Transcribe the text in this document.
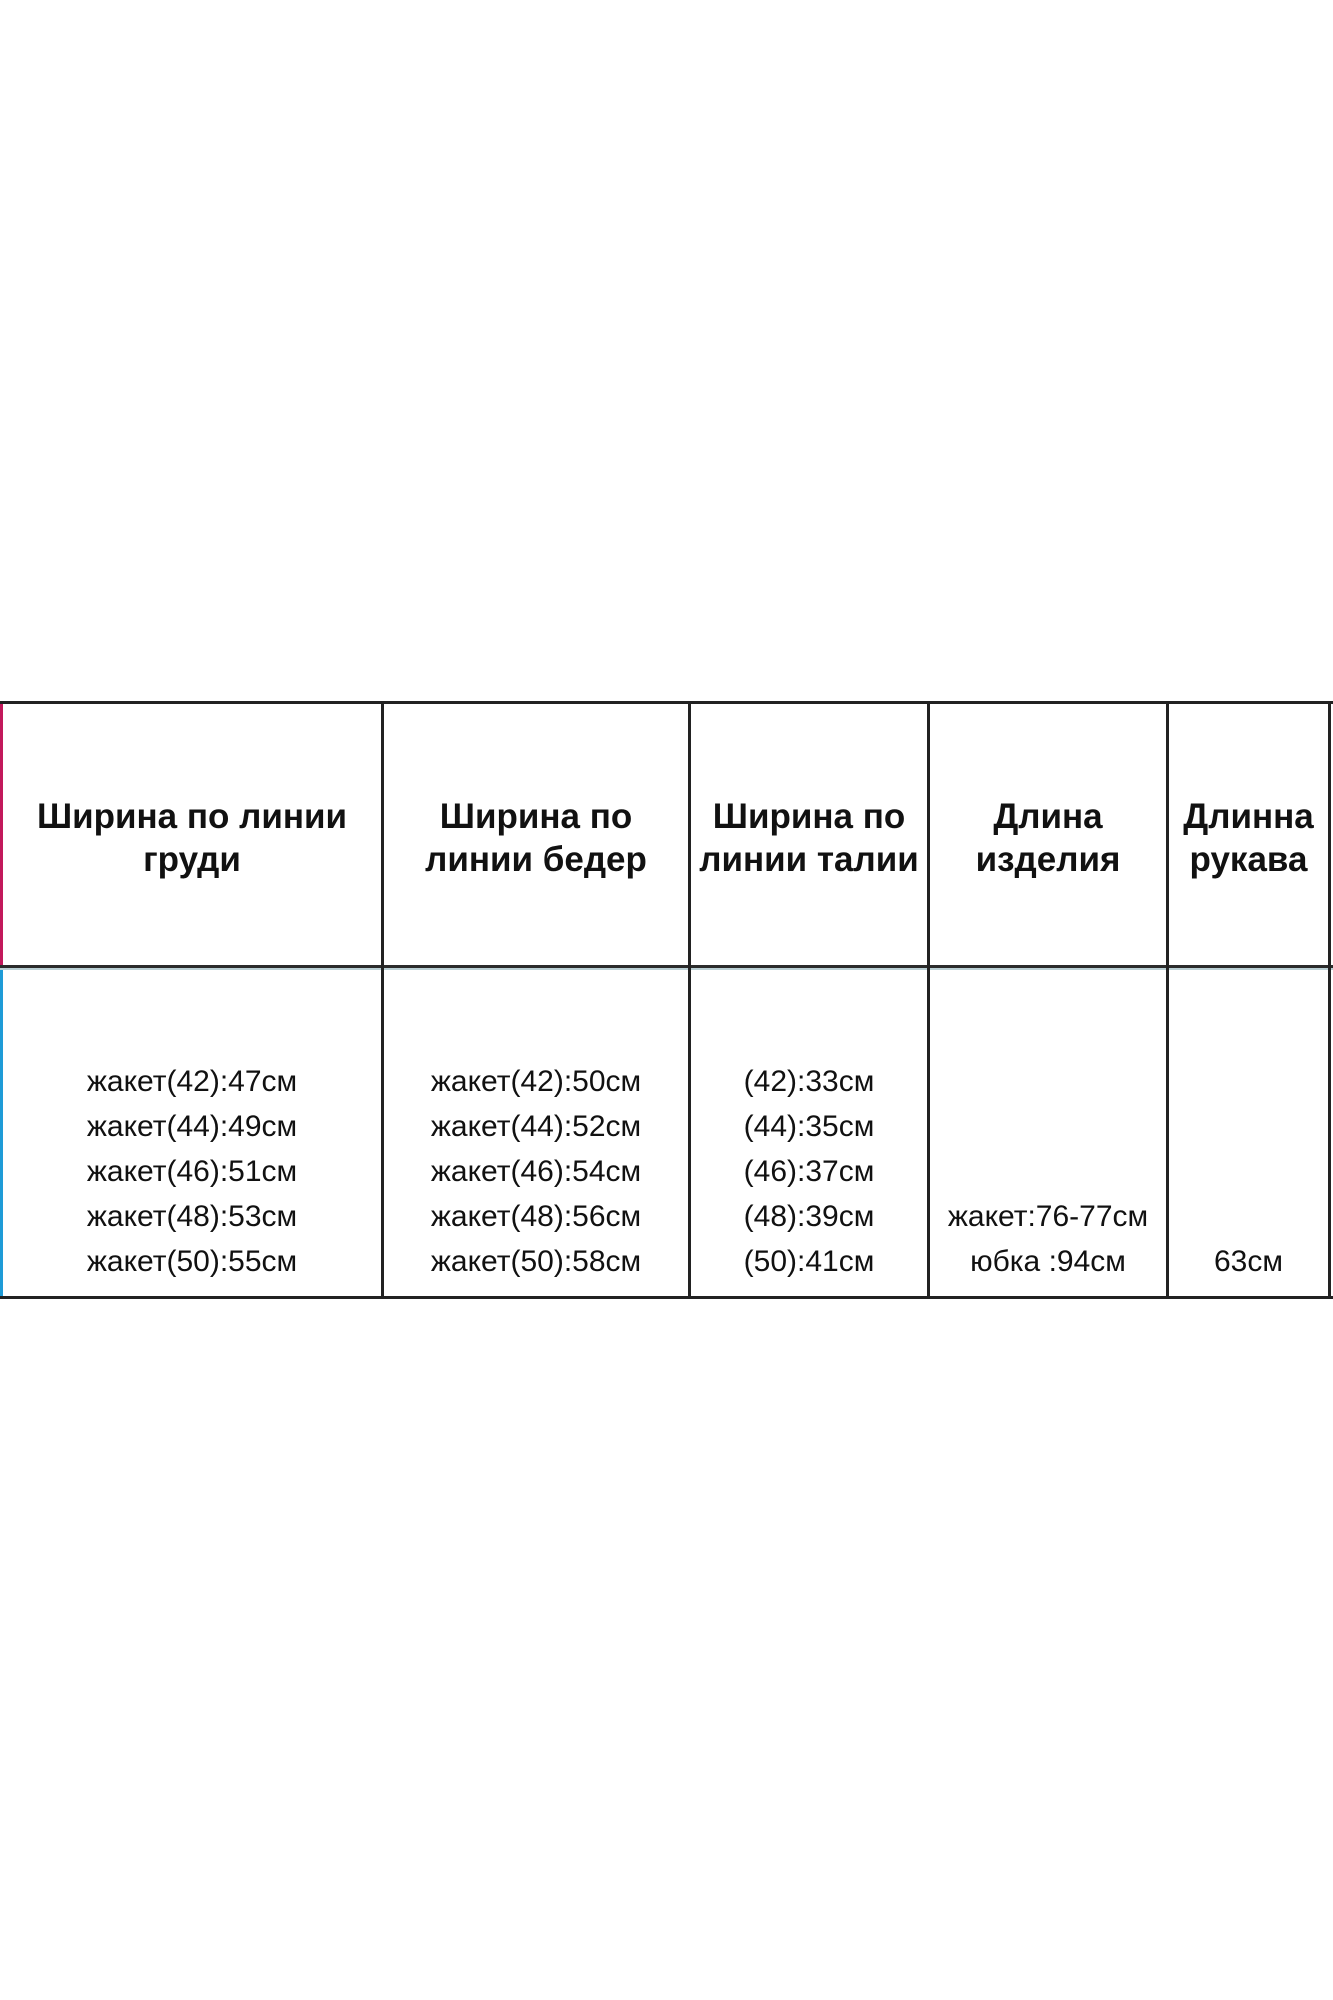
Ширина по линии груди
Ширина по линии бедер
Ширина по линии талии
Длина изделия
Длинна рукава
жакет(42):47см
жакет(44):49см
жакет(46):51см
жакет(48):53см
жакет(50):55см
жакет(42):50см
жакет(44):52см
жакет(46):54см
жакет(48):56см
жакет(50):58см
(42):33см
(44):35см
(46):37см
(48):39см
(50):41см
жакет:76-77см
юбка :94см	63см
